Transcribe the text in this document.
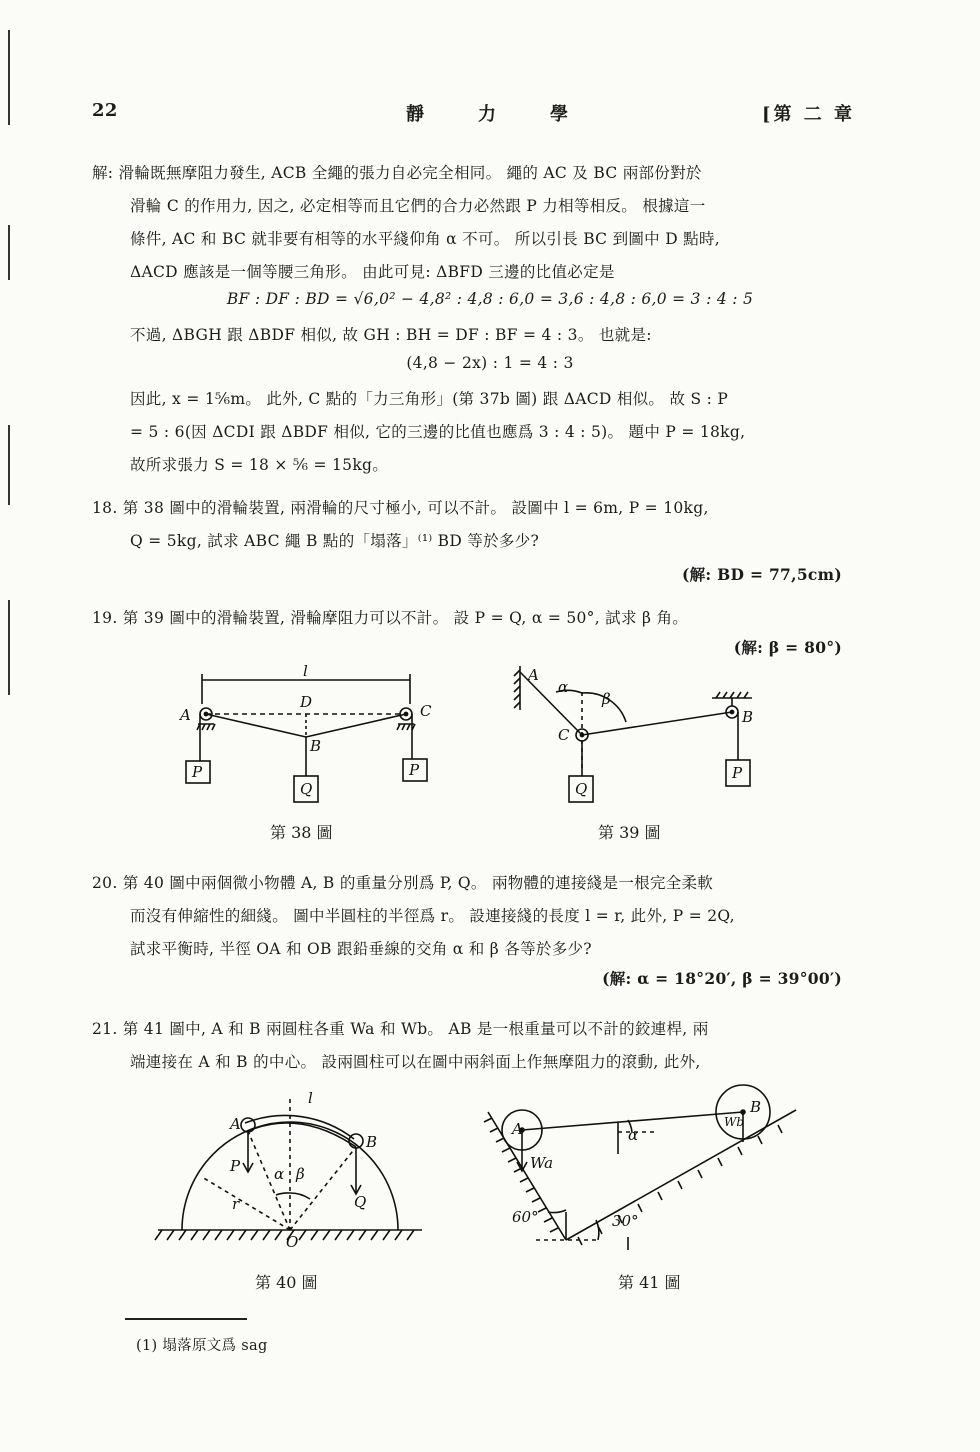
22	靜　　力　　學	[第 二 章
解: 滑輪既無摩阻力發生, ACB 全繩的張力自必完全相同。 繩的 AC 及 BC 兩部份對於
滑輪 C 的作用力, 因之, 必定相等而且它們的合力必然跟 P 力相等相反。 根據這一
條件, AC 和 BC 就非要有相等的水平綫仰角 α 不可。 所以引長 BC 到圖中 D 點時,
ΔACD 應該是一個等腰三角形。 由此可見: ΔBFD 三邊的比值必定是
BF : DF : BD = √6,0² − 4,8² : 4,8 : 6,0 = 3,6 : 4,8 : 6,0 = 3 : 4 : 5
不過, ΔBGH 跟 ΔBDF 相似, 故 GH : BH = DF : BF = 4 : 3。 也就是:
(4,8 − 2x) : 1 = 4 : 3
因此, x = 1⅚m。 此外, C 點的「力三角形」(第 37b 圖) 跟 ΔACD 相似。 故 S : P
= 5 : 6(因 ΔCDI 跟 ΔBDF 相似, 它的三邊的比值也應爲 3 : 4 : 5)。 題中 P = 18kg,
故所求張力 S = 18 × ⅚ = 15kg。
18. 第 38 圖中的滑輪裝置, 兩滑輪的尺寸極小, 可以不計。 設圖中 l = 6m, P = 10kg,
Q = 5kg, 試求 ABC 繩 B 點的「塌落」⁽¹⁾ BD 等於多少?
(解: BD = 77,5cm)
19. 第 39 圖中的滑輪裝置, 滑輪摩阻力可以不計。 設 P = Q, α = 50°, 試求 β 角。
(解: β = 80°)
l
D
A
B
C
P
Q
P
第 38 圖
A
C
B
α
β
Q
P
第 39 圖
20. 第 40 圖中兩個微小物體 A, B 的重量分別爲 P, Q。 兩物體的連接綫是一根完全柔軟
而沒有伸縮性的細綫。 圖中半圓柱的半徑爲 r。 設連接綫的長度 l = r, 此外, P = 2Q,
試求平衡時, 半徑 OA 和 OB 跟鉛垂線的交角 α 和 β 各等於多少?
(解: α = 18°20′, β = 39°00′)
21. 第 41 圖中, A 和 B 兩圓柱各重 Wa 和 Wb。 AB 是一根重量可以不計的鉸連桿, 兩
端連接在 A 和 B 的中心。 設兩圓柱可以在圖中兩斜面上作無摩阻力的滾動, 此外,
l
A
B
P
Q
α β
r
O
第 40 圖
A
B
Wa
Wb
α
60°	30°
第 41 圖
(1) 塌落原文爲 sag
